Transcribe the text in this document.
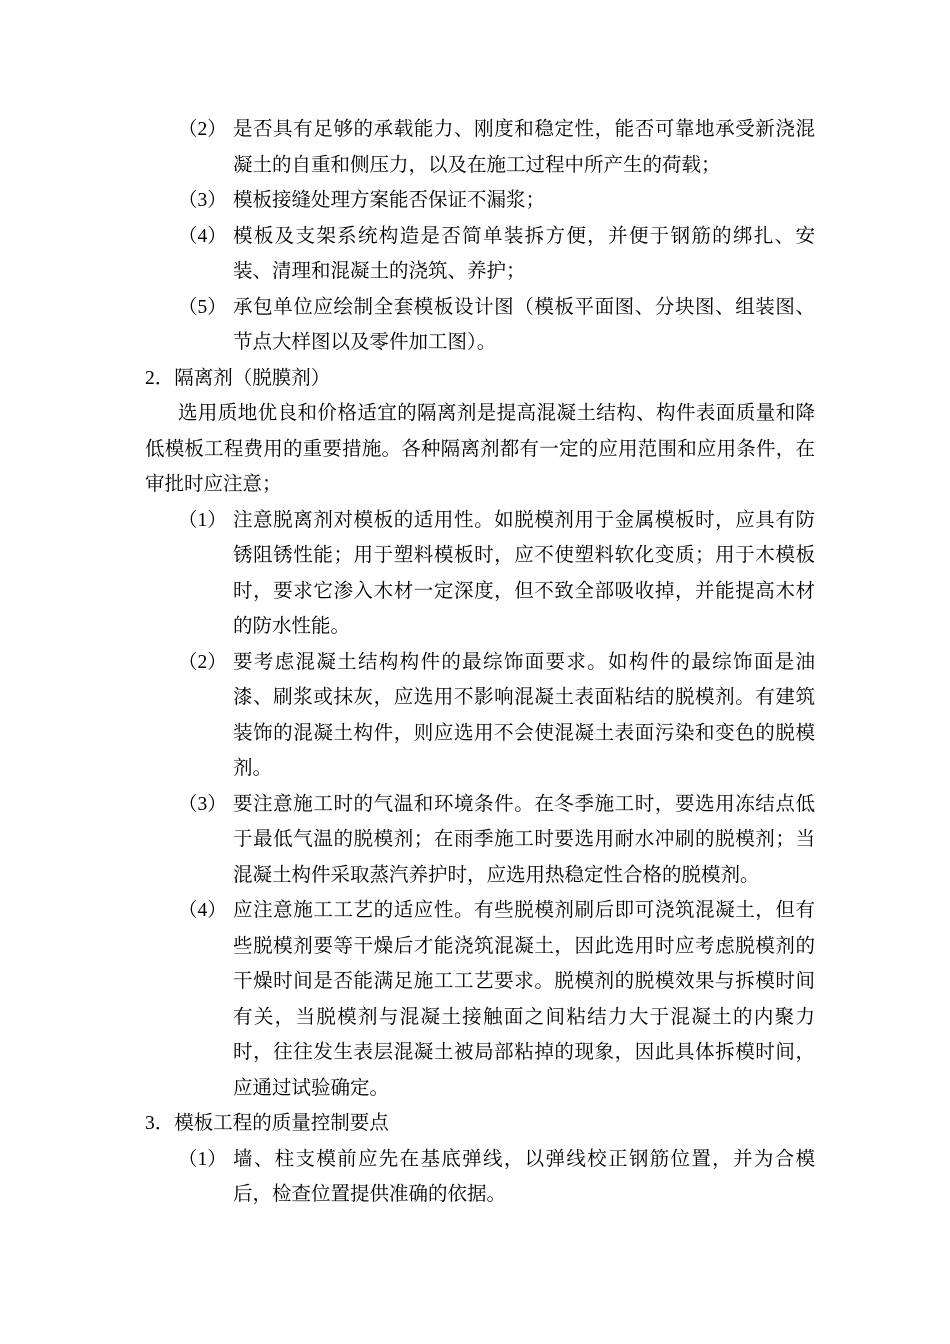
（2） 是否具有足够的承载能力、刚度和稳定性，能否可靠地承受新浇混凝土的自重和侧压力，以及在施工过程中所产生的荷载；
（3） 模板接缝处理方案能否保证不漏浆；
（4） 模板及支架系统构造是否简单装拆方便，并便于钢筋的绑扎、安装、清理和混凝土的浇筑、养护；
（5） 承包单位应绘制全套模板设计图（模板平面图、分块图、组装图、节点大样图以及零件加工图）。
2．隔离剂（脱膜剂）

选用质地优良和价格适宜的隔离剂是提高混凝土结构、构件表面质量和降低模板工程费用的重要措施。各种隔离剂都有一定的应用范围和应用条件，在审批时应注意；

（1） 注意脱离剂对模板的适用性。如脱模剂用于金属模板时，应具有防锈阻锈性能；用于塑料模板时，应不使塑料软化变质；用于木模板时，要求它渗入木材一定深度，但不致全部吸收掉，并能提高木材的防水性能。
（2） 要考虑混凝土结构构件的最综饰面要求。如构件的最综饰面是油漆、刷浆或抹灰，应选用不影响混凝土表面粘结的脱模剂。有建筑装饰的混凝土构件，则应选用不会使混凝土表面污染和变色的脱模剂。
（3） 要注意施工时的气温和环境条件。在冬季施工时，要选用冻结点低于最低气温的脱模剂；在雨季施工时要选用耐水冲刷的脱模剂；当混凝土构件采取蒸汽养护时，应选用热稳定性合格的脱模剂。
（4） 应注意施工工艺的适应性。有些脱模剂刷后即可浇筑混凝土，但有些脱模剂要等干燥后才能浇筑混凝土，因此选用时应考虑脱模剂的干燥时间是否能满足施工工艺要求。脱模剂的脱模效果与拆模时间有关，当脱模剂与混凝土接触面之间粘结力大于混凝土的内聚力时，往往发生表层混凝土被局部粘掉的现象，因此具体拆模时间，应通过试验确定。
3．模板工程的质量控制要点
（1） 墙、柱支模前应先在基底弹线，以弹线校正钢筋位置，并为合模后，检查位置提供准确的依据。
